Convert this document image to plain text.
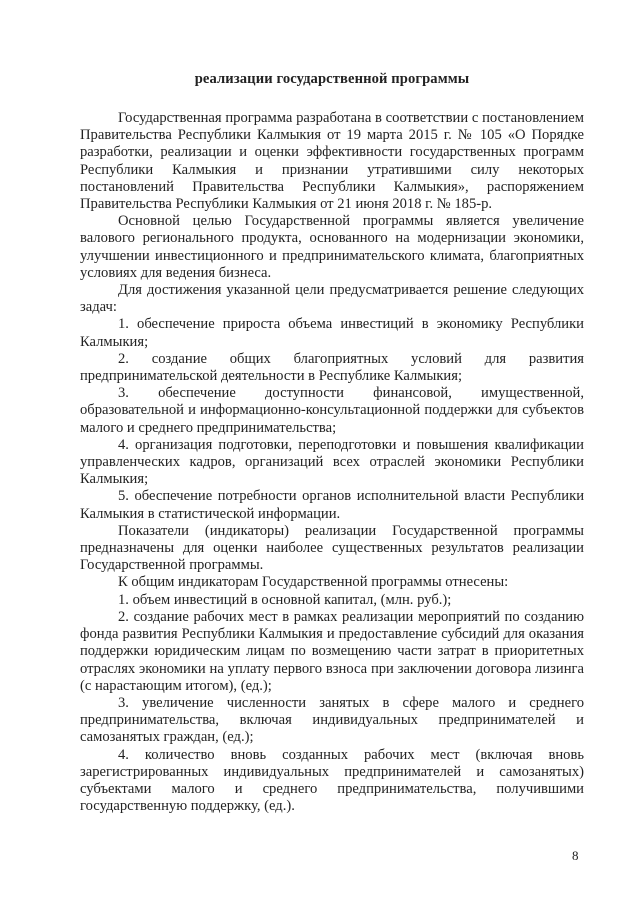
реализации государственной программы

Государственная программа разработана в соответствии с постановлением Правительства Республики Калмыкия от 19 марта 2015 г. № 105 «О Порядке разработки, реализации и оценки эффективности государственных программ Республики Калмыкия и признании утратившими силу некоторых постановлений Правительства Республики Калмыкия», распоряжением Правительства Республики Калмыкия от 21 июня 2018 г. № 185-р.

Основной целью Государственной программы является увеличение валового регионального продукта, основанного на модернизации экономики, улучшении инвестиционного и предпринимательского климата, благоприятных условиях для ведения бизнеса.

Для достижения указанной цели предусматривается решение следующих задач:

1. обеспечение прироста объема инвестиций в экономику Республики Калмыкия;

2. создание общих благоприятных условий для развития предпринимательской деятельности в Республике Калмыкия;

3. обеспечение доступности финансовой, имущественной, образовательной и информационно-консультационной поддержки для субъектов малого и среднего предпринимательства;

4. организация подготовки, переподготовки и повышения квалификации управленческих кадров, организаций всех отраслей экономики Республики Калмыкия;

5. обеспечение потребности органов исполнительной власти Республики Калмыкия в статистической информации.

Показатели (индикаторы) реализации Государственной программы предназначены для оценки наиболее существенных результатов реализации Государственной программы.

К общим индикаторам Государственной программы отнесены:

1. объем инвестиций в основной капитал, (млн. руб.);

2. создание рабочих мест в рамках реализации мероприятий по созданию фонда развития Республики Калмыкия и предоставление субсидий для оказания поддержки юридическим лицам по возмещению части затрат в приоритетных отраслях экономики на уплату первого взноса при заключении договора лизинга (с нарастающим итогом), (ед.);

3. увеличение численности занятых в сфере малого и среднего предпринимательства, включая индивидуальных предпринимателей и самозанятых граждан, (ед.);

4. количество вновь созданных рабочих мест (включая вновь зарегистрированных индивидуальных предпринимателей и самозанятых) субъектами малого и среднего предпринимательства, получившими государственную поддержку, (ед.).

8
